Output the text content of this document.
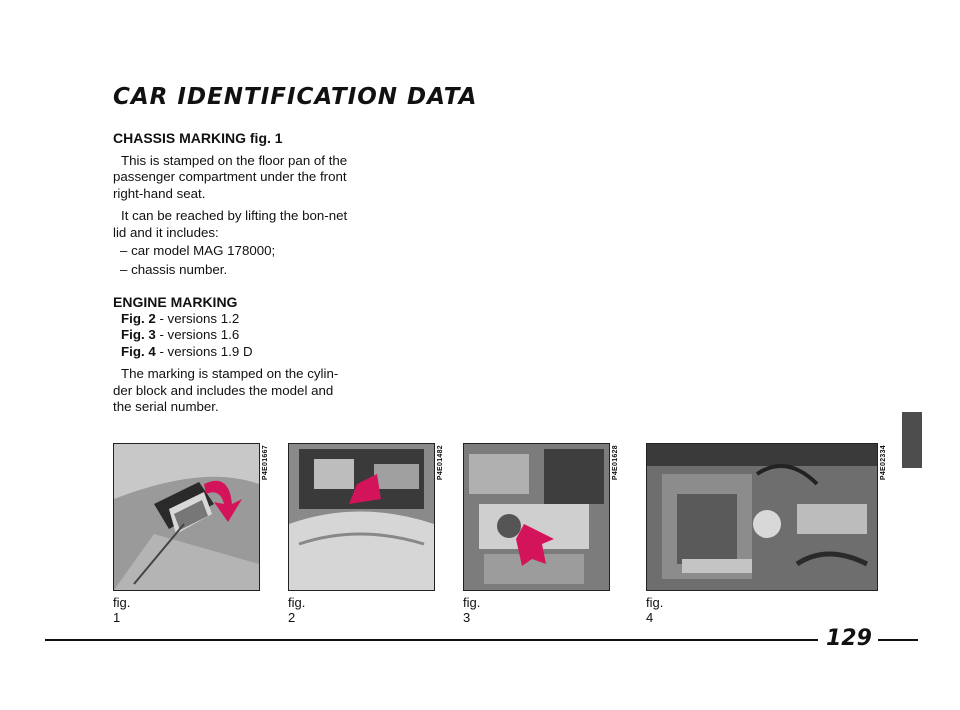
CAR IDENTIFICATION DATA
CHASSIS MARKING fig. 1

This is stamped on the floor pan of the passenger compartment under the front right-hand seat.

It can be reached by lifting the bon-net lid and it includes:

– car model MAG 178000;
– chassis number.
ENGINE MARKING
Fig. 2 - versions 1.2
Fig. 3 - versions 1.6
Fig. 4 - versions 1.9 D

The marking is stamped on the cylin-der block and includes the model and the serial number.

P4E01667
fig. 1
P4E01482
fig. 2
P4E01628
fig. 3
P4E02334
fig. 4
129
